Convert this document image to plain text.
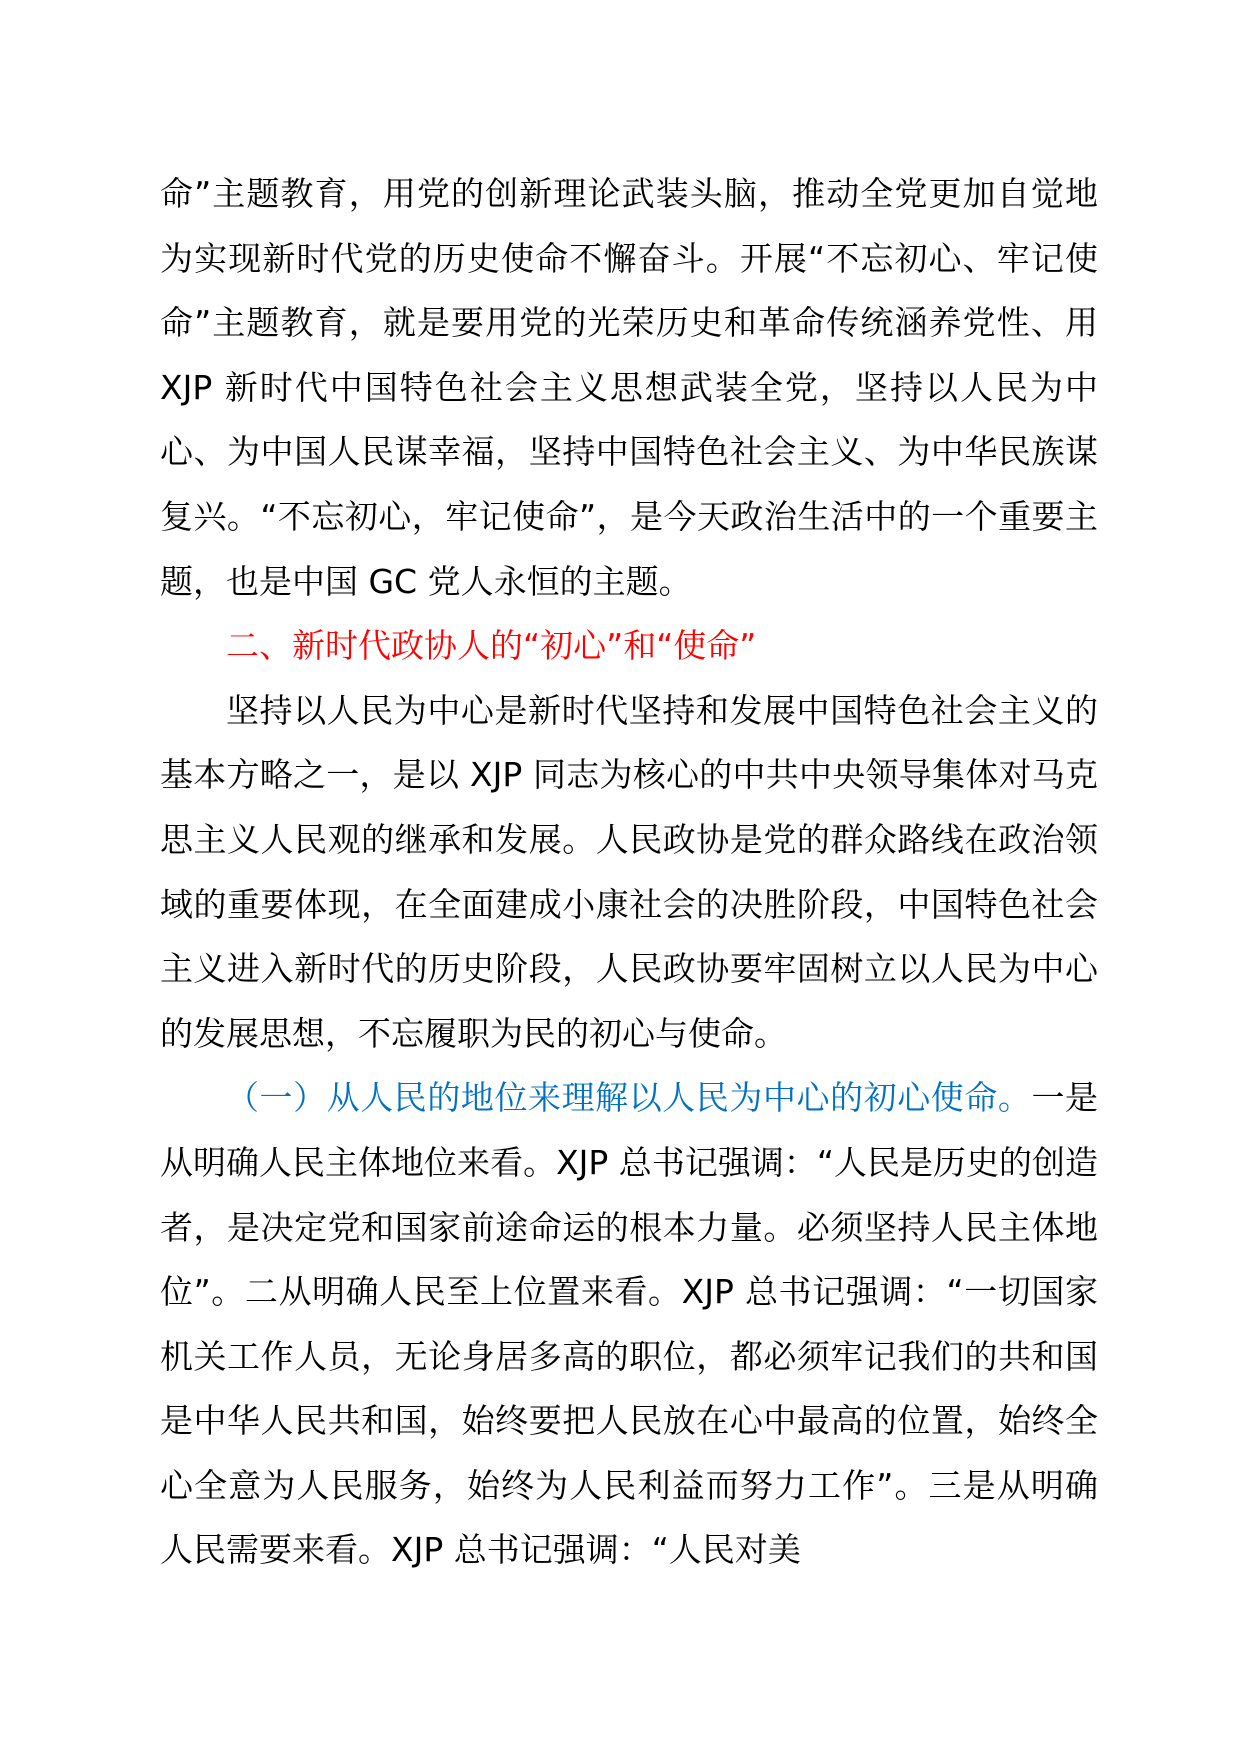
命”主题教育，用党的创新理论武装头脑，推动全党更加自觉地为实现新时代党的历史使命不懈奋斗。开展“不忘初心、牢记使命”主题教育，就是要用党的光荣历史和革命传统涵养党性、用 XJP 新时代中国特色社会主义思想武装全党，坚持以人民为中心、为中国人民谋幸福，坚持中国特色社会主义、为中华民族谋复兴。“不忘初心，牢记使命”，是今天政治生活中的一个重要主题，也是中国 GC 党人永恒的主题。

二、新时代政协人的“初心”和“使命”

坚持以人民为中心是新时代坚持和发展中国特色社会主义的基本方略之一，是以 XJP 同志为核心的中共中央领导集体对马克思主义人民观的继承和发展。人民政协是党的群众路线在政治领域的重要体现，在全面建成小康社会的决胜阶段，中国特色社会主义进入新时代的历史阶段，人民政协要牢固树立以人民为中心的发展思想，不忘履职为民的初心与使命。

（一）从人民的地位来理解以人民为中心的初心使命。一是从明确人民主体地位来看。XJP 总书记强调：“人民是历史的创造者，是决定党和国家前途命运的根本力量。必须坚持人民主体地位”。二从明确人民至上位置来看。XJP 总书记强调：“一切国家机关工作人员，无论身居多高的职位，都必须牢记我们的共和国是中华人民共和国，始终要把人民放在心中最高的位置，始终全心全意为人民服务，始终为人民利益而努力工作”。三是从明确人民需要来看。XJP 总书记强调：“人民对美
